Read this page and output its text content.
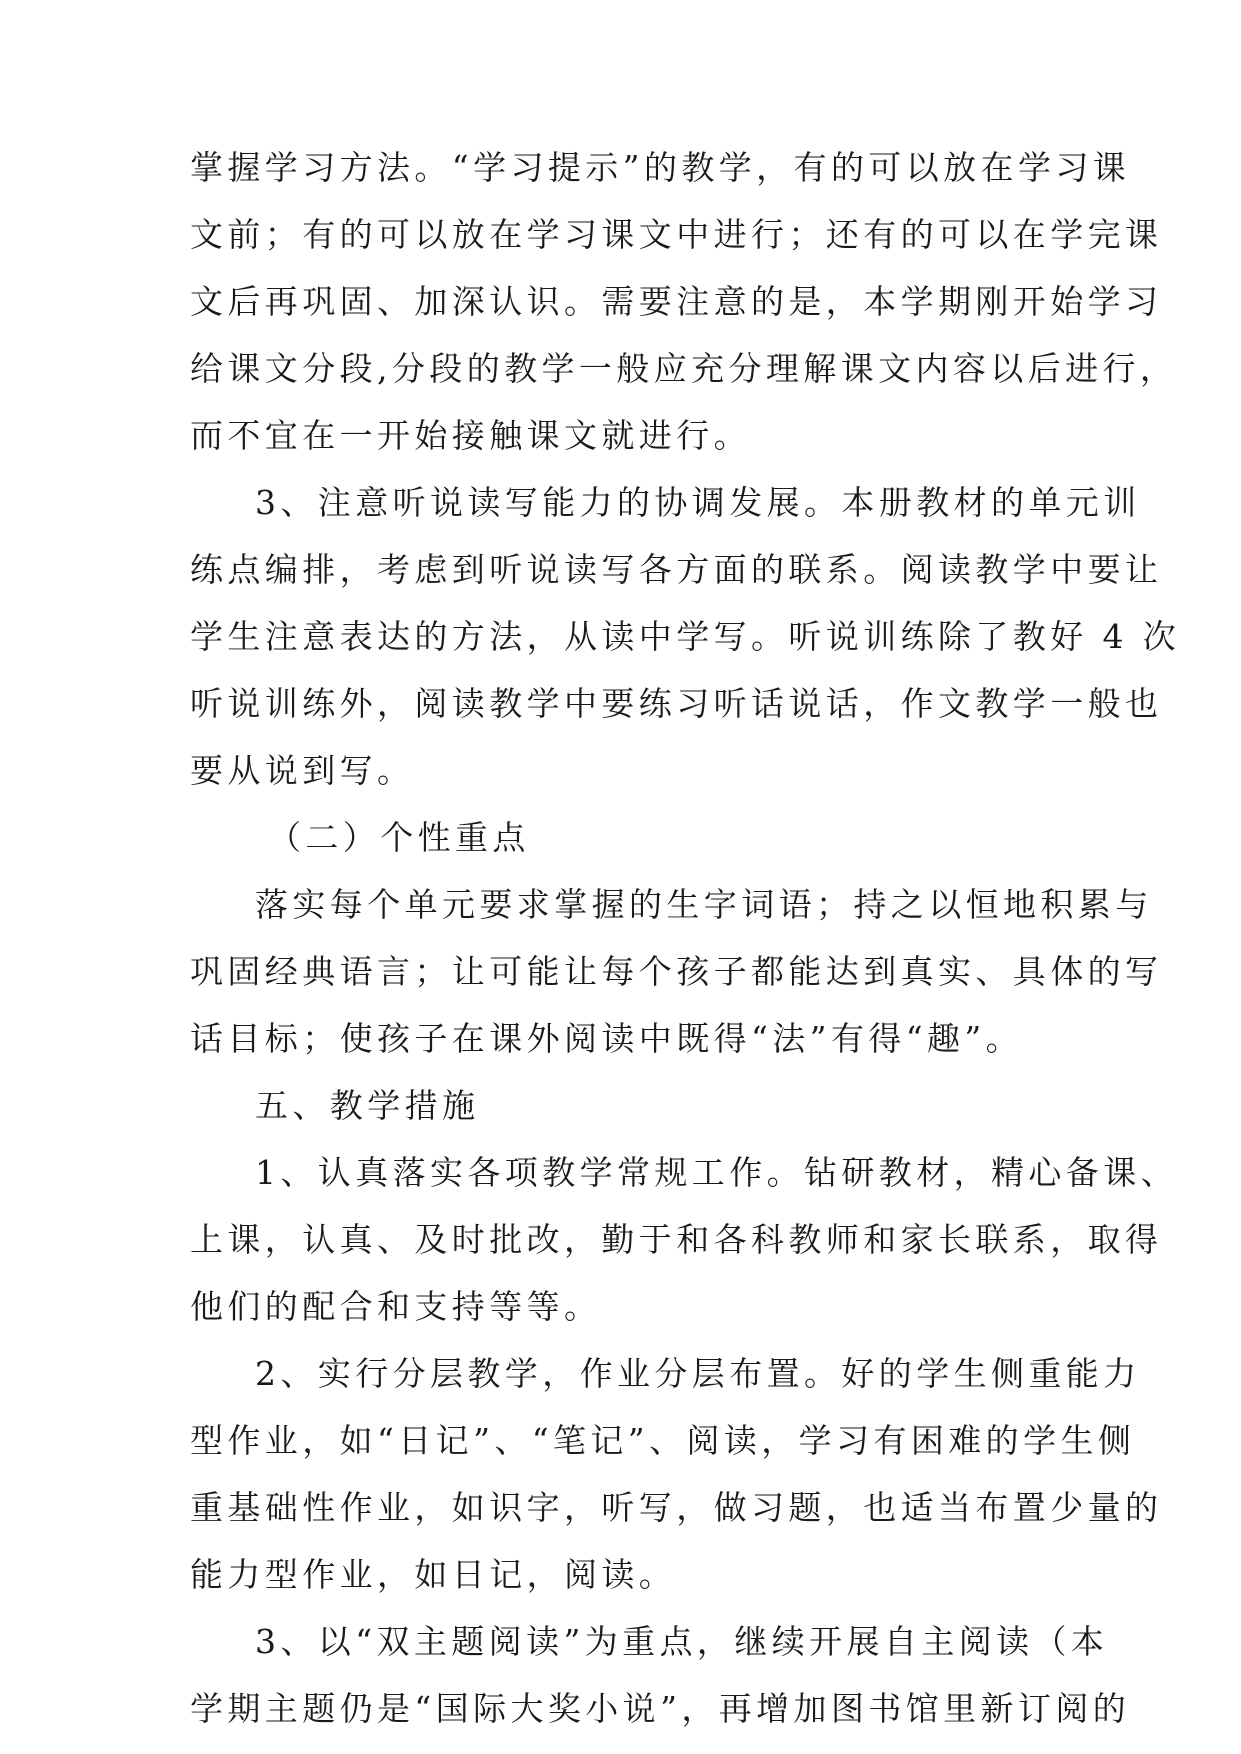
掌握学习方法。“学习提示”的教学，有的可以放在学习课

文前；有的可以放在学习课文中进行；还有的可以在学完课

文后再巩固、加深认识。需要注意的是，本学期刚开始学习

给课文分段,分段的教学一般应充分理解课文内容以后进行，

而不宜在一开始接触课文就进行。

3、注意听说读写能力的协调发展。本册教材的单元训

练点编排，考虑到听说读写各方面的联系。阅读教学中要让

学生注意表达的方法，从读中学写。听说训练除了教好 4 次

听说训练外，阅读教学中要练习听话说话，作文教学一般也

要从说到写。

（二）个性重点

落实每个单元要求掌握的生字词语；持之以恒地积累与

巩固经典语言；让可能让每个孩子都能达到真实、具体的写

话目标；使孩子在课外阅读中既得“法”有得“趣”。

五、教学措施

1、认真落实各项教学常规工作。钻研教材，精心备课、

上课，认真、及时批改，勤于和各科教师和家长联系，取得

他们的配合和支持等等。

2、实行分层教学，作业分层布置。好的学生侧重能力

型作业，如“日记”、“笔记”、阅读，学习有困难的学生侧

重基础性作业，如识字，听写，做习题，也适当布置少量的

能力型作业，如日记，阅读。

3、以“双主题阅读”为重点，继续开展自主阅读（本

学期主题仍是“国际大奖小说”，再增加图书馆里新订阅的
